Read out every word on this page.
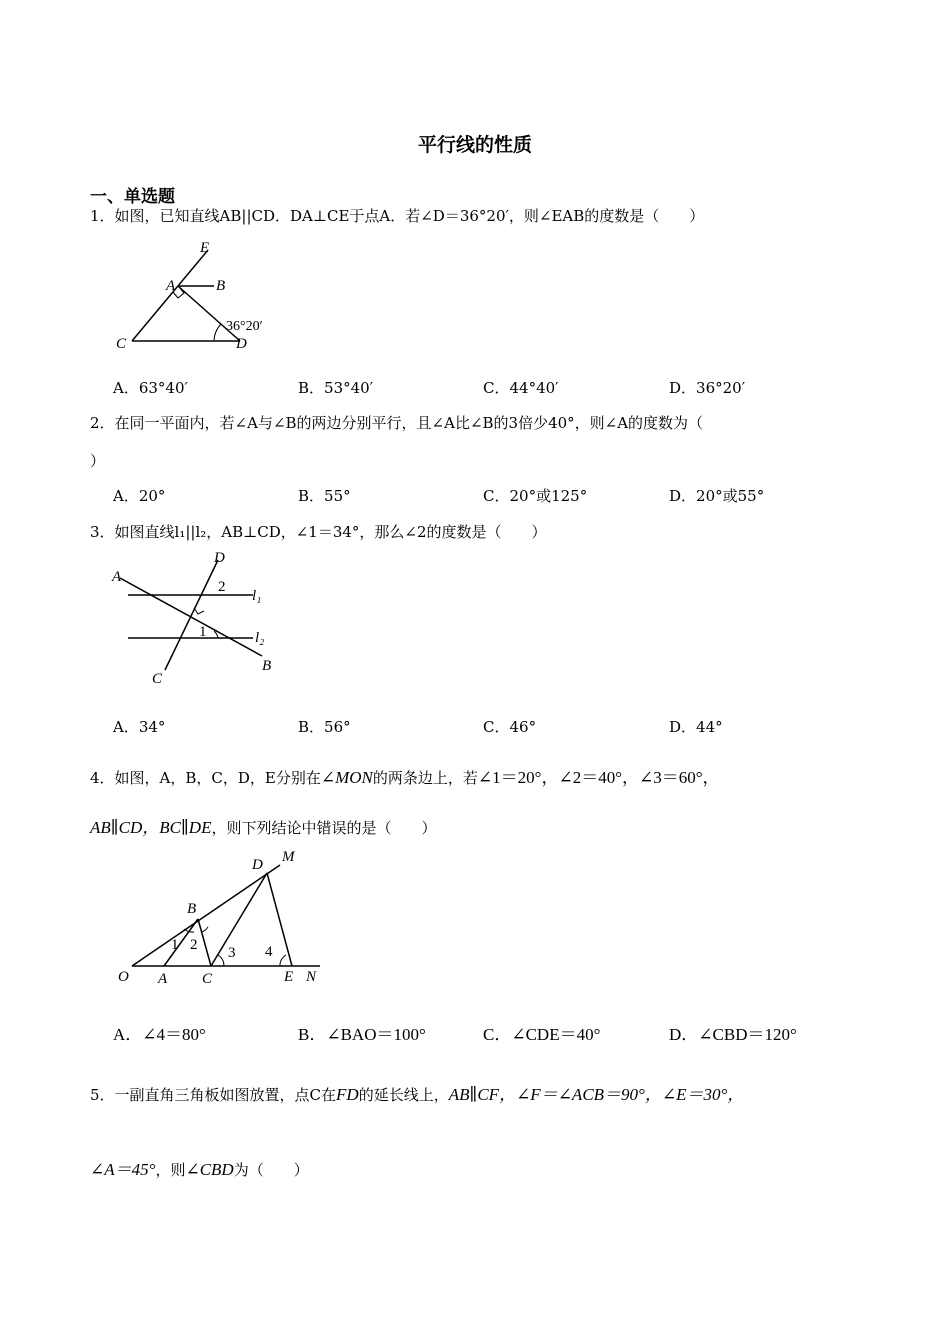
平行线的性质
一、单选题
1．如图，已知直线AB||CD．DA⊥CE于点A．若∠D＝36°20′，则∠EAB的度数是（　　）
E
A	B
C	D
36°20′
A．63°40′	B．53°40′	C．44°40′	D．36°20′
2．在同一平面内，若∠A与∠B的两边分别平行，且∠A比∠B的3倍少40°，则∠A的度数为（
）
A．20°	B．55°	C．20°或125°	D．20°或55°
3．如图直线l₁||l₂，AB⊥CD，∠1＝34°，那么∠2的度数是（　　）
A
B
C
D
2
1
l₁
l₂
A．34°	B．56°	C．46°	D．44°
4．如图，A，B，C，D，E分别在∠MON的两条边上，若∠1＝20°，∠2＝40°，∠3＝60°，
AB∥CD，BC∥DE，则下列结论中错误的是（　　）
O A C	E N
B
D M
1 2 3 4
A．∠4＝80°	B．∠BAO＝100°	C．∠CDE＝40°	D．∠CBD＝120°
5．一副直角三角板如图放置，点C在FD的延长线上，AB∥CF，∠F＝∠ACB＝90°，∠E＝30°，
∠A＝45°，则∠CBD为（　　）
